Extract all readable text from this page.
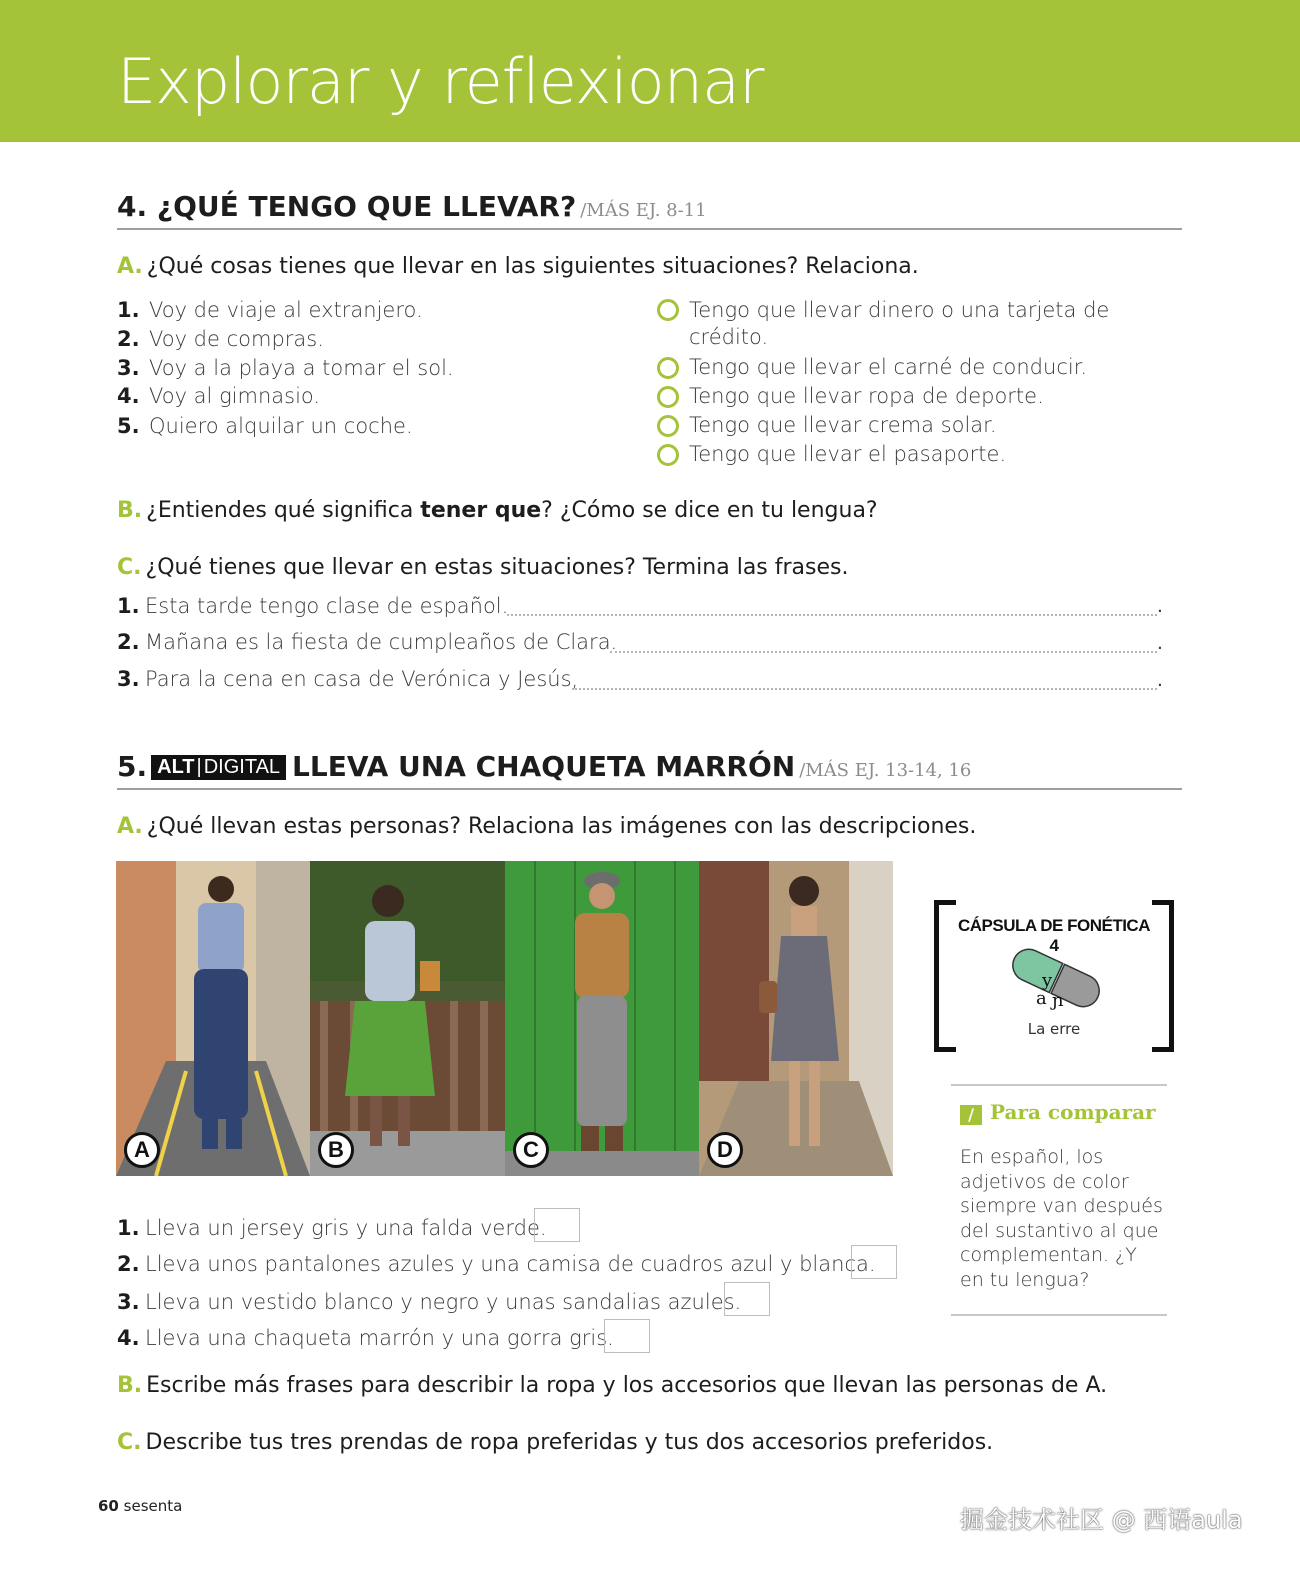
Explorar y reflexionar
4. ¿QUÉ TENGO QUE LLEVAR? /MÁS EJ. 8-11
A. ¿Qué cosas tienes que llevar en las siguientes situaciones? Relaciona.
1. Voy de viaje al extranjero.
2. Voy de compras.
3. Voy a la playa a tomar el sol.
4. Voy al gimnasio.
5. Quiero alquilar un coche.
Tengo que llevar dinero o una tarjeta de
crédito.
Tengo que llevar el carné de conducir.
Tengo que llevar ropa de deporte.
Tengo que llevar crema solar.
Tengo que llevar el pasaporte.
B. ¿Entiendes qué significa tener que? ¿Cómo se dice en tu lengua?
C. ¿Qué tienes que llevar en estas situaciones? Termina las frases.
1. Esta tarde tengo clase de español.	.
2. Mañana es la fiesta de cumpleaños de Clara.	.
3. Para la cena en casa de Verónica y Jesús,	.
5. ALT | DIGITAL LLEVA UNA CHAQUETA MARRÓN /MÁS EJ. 13-14, 16
A. ¿Qué llevan estas personas? Relaciona las imágenes con las descripciones.
A	B	C	D
1. Lleva un jersey gris y una falda verde.
2. Lleva unos pantalones azules y una camisa de cuadros azul y blanca.
3. Lleva un vestido blanco y negro y unas sandalias azules.
4. Lleva una chaqueta marrón y una gorra gris.
B. Escribe más frases para describir la ropa y los accesorios que llevan las personas de A.
C. Describe tus tres prendas de ropa preferidas y tus dos accesorios preferidos.
CÁPSULA DE FONÉTICA 4
y
a ɲ
La erre
/ Para comparar
En español, los adjetivos de color siempre van después del sustantivo al que complementan. ¿Y en tu lengua?
60 sesenta	掘金技术社区 @ 西语aula
